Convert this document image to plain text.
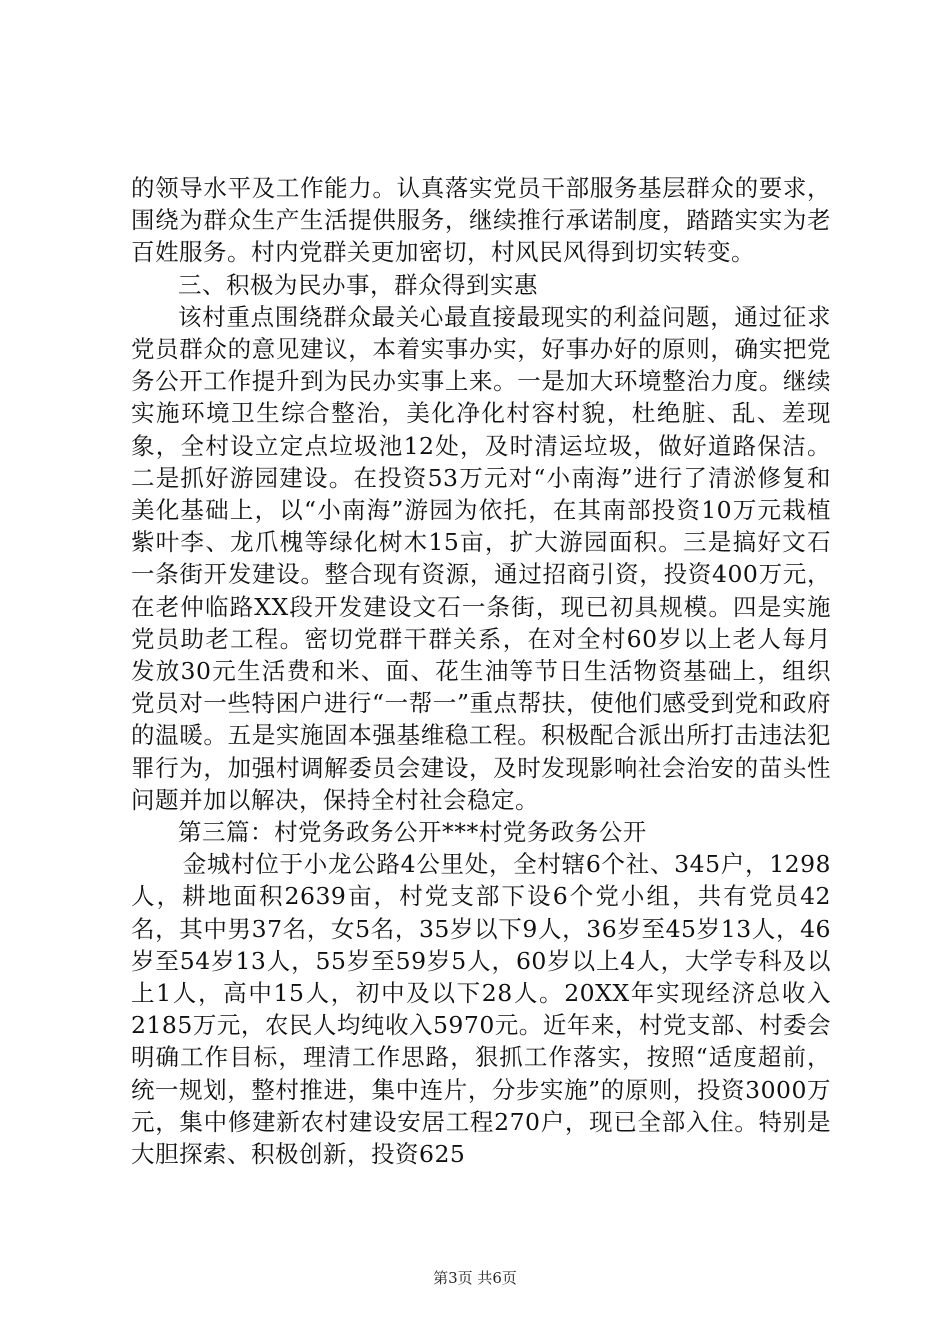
的领导水平及工作能力。认真落实党员干部服务基层群众的要求，围绕为群众生产生活提供服务，继续推行承诺制度，踏踏实实为老百姓服务。村内党群关更加密切，村风民风得到切实转变。

三、积极为民办事，群众得到实惠

该村重点围绕群众最关心最直接最现实的利益问题，通过征求党员群众的意见建议，本着实事办实，好事办好的原则，确实把党务公开工作提升到为民办实事上来。一是加大环境整治力度。继续实施环境卫生综合整治，美化净化村容村貌，杜绝脏、乱、差现象，全村设立定点垃圾池12处，及时清运垃圾，做好道路保洁。二是抓好游园建设。在投资53万元对“小南海”进行了清淤修复和美化基础上，以“小南海”游园为依托，在其南部投资10万元栽植紫叶李、龙爪槐等绿化树木15亩，扩大游园面积。三是搞好文石一条街开发建设。整合现有资源，通过招商引资，投资400万元，在老仲临路XX段开发建设文石一条街，现已初具规模。四是实施党员助老工程。密切党群干群关系，在对全村60岁以上老人每月发放30元生活费和米、面、花生油等节日生活物资基础上，组织党员对一些特困户进行“一帮一”重点帮扶，使他们感受到党和政府的温暖。五是实施固本强基维稳工程。积极配合派出所打击违法犯罪行为，加强村调解委员会建设，及时发现影响社会治安的苗头性问题并加以解决，保持全村社会稳定。

第三篇：村党务政务公开***村党务政务公开

金城村位于小龙公路4公里处，全村辖6个社、345户，1298人，耕地面积2639亩，村党支部下设6个党小组，共有党员42名，其中男37名，女5名，35岁以下9人，36岁至45岁13人，46岁至54岁13人，55岁至59岁5人，60岁以上4人，大学专科及以上1人，高中15人，初中及以下28人。20XX年实现经济总收入2185万元，农民人均纯收入5970元。近年来，村党支部、村委会明确工作目标，理清工作思路，狠抓工作落实，按照“适度超前，统一规划，整村推进，集中连片，分步实施”的原则，投资3000万元，集中修建新农村建设安居工程270户，现已全部入住。特别是大胆探索、积极创新，投资625

第3页 共6页
